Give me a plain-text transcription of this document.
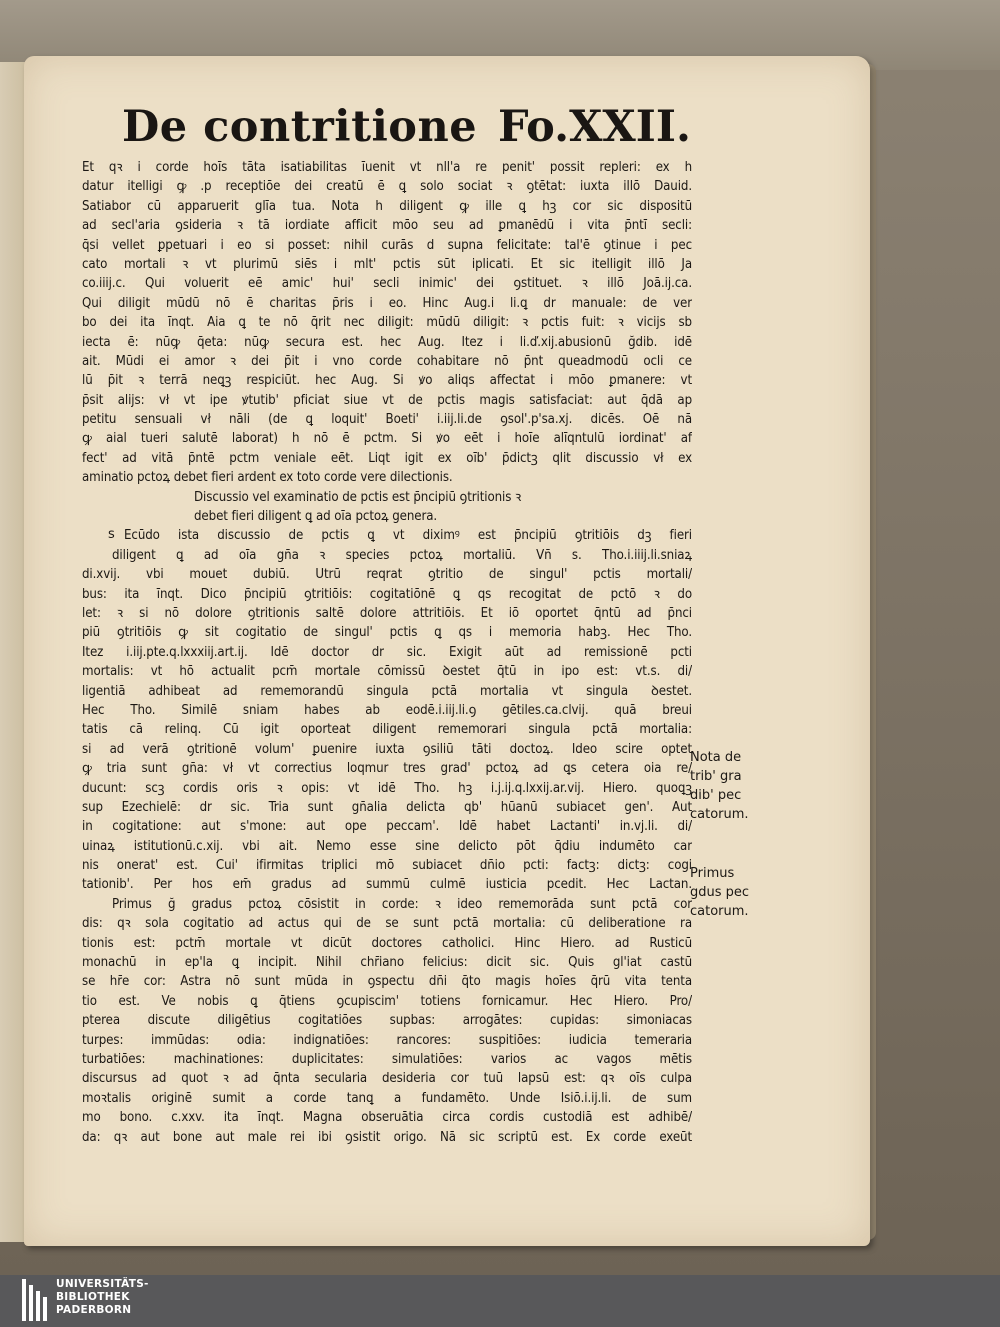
De contritione Fo.XXII.
Et qꝛ i corde hoīs tāta isatiabilitas īuenit vt nll'a re penit' possit repleri: ex h
datur itelligi ꝙ .p receptiōe dei creatū ē ꝗ solo sociat ꝛ ꝯtētat: iuxta illō Dauid.
Satiabor cū apparuerit glīa tua. Nota h diligent ꝙ ille ꝗ hꝫ cor sic dispositū
ad secl'aria ꝯsideria ꝛ tā iordiate afficit mōo seu ad ꝑmanēdū i vita p̄ntī secli:
q̄si vellet ꝑpetuari i eo si posset: nihil curās d supna felicitate: tal'ē ꝯtinue i pec
cato mortali ꝛ vt plurimū siēs i mlt' pctis sūt iplicati. Et sic itelligit illō Ja
co.iiij.c. Qui voluerit eē amic' hui' secli inimic' dei ꝯstituet. ꝛ illō Joā.ij.ca.
Qui diligit mūdū nō ē charitas p̄ris i eo. Hinc Aug.i li.ꝗ dr manuale: de ver
bo dei ita īnqt. Aia ꝗ te nō q̄rit nec diligit: mūdū diligit: ꝛ pctis fuit: ꝛ vicijs sb
iecta ē: nūꝙ q̄eta: nūꝙ secura est. hec Aug. Itez i li.ď.xij.abusionū ğdib. idē
ait. Mūdi ei amor ꝛ dei p̄it i vno corde cohabitare nō p̄nt queadmodū ocli ce
lū p̄it ꝛ terrā neꝗꝫ respiciūt. hec Aug. Si ꝟo aliqs affectat i mōo ꝑmanere: vt
p̄sit alijs: vł vt ipe ꝟtutib' pficiat siue vt de pctis magis satisfaciat: aut q̄dā ap
petitu sensuali vł nāli (de ꝗ loquit' Boeti' i.iij.li.de ꝯsol'.p'sa.xj. dicēs. Oē nā
ꝙ aial tueri salutē laborat) h nō ē pctm. Si ꝟo eēt i hoīe alīqntulū iordinat' af
fect' ad vitā p̄ntē pctm veniale eēt. Liqt igit ex oīb' p̄dictꝫ qlit discussio vł ex
aminatio pctoꝝ debet fieri ardent ex toto corde vere dilectionis.
Discussio vel examinatio de pctis est p̄ncipiū ꝯtritionis ꝛ
debet fieri diligent ꝗ ad oīa pctoꝝ genera.
Ecūdo ista discussio de pctis ꝗ vt diximꝰ est p̄ncipiū ꝯtritiōis dꝫ fieri
diligent ꝗ ad oīa gn̄a ꝛ species pctoꝝ mortaliū. Vn̄ s. Tho.i.iiij.li.sniaꝝ
di.xvij. vbi mouet dubiū. Utrū reqrat ꝯtritio de singul' pctis mortali/
bus: ita īnqt. Dico p̄ncipiū ꝯtritiōis: cogitatiōnē ꝗ qs recogitat de pctō ꝛ do
let: ꝛ si nō dolore ꝯtritionis saltē dolore attritiōis. Et iō oportet q̄ntū ad p̄nci
piū ꝯtritiōis ꝙ sit cogitatio de singul' pctis ꝗ qs i memoria habꝫ. Hec Tho.
Itez i.iij.pte.q.lxxxiij.art.ij. Idē doctor dr sic. Exigit aūt ad remissionē pcti
mortalis: vt hō actualit pcm̄ mortale cōmissū ꝺestet q̄tū in ipo est: vt.s. di/
ligentiā adhibeat ad rememorandū singula pctā mortalia vt singula ꝺestet.
Hec Tho. Similē sniam habes ab eodē.i.iij.li.ꝯ gētiles.ca.clvij. quā breui
tatis cā relinq. Cū igit oporteat diligent rememorari singula pctā mortalia:
si ad verā ꝯtritionē volum' ꝑuenire iuxta ꝯsiliū tāti doctoꝝ. Ideo scire optet
ꝙ tria sunt gn̄a: vł vt correctius loqmur tres grad' pctoꝝ ad ꝗs cetera oia re/
ducunt: scꝫ cordis oris ꝛ opis: vt idē Tho. hꝫ i.j.ij.q.lxxij.ar.vij. Hiero. quoꝗꝫ
sup Ezechielē: dr sic. Tria sunt gn̄alia delicta qb' hūanū subiacet gen'. Aut
in cogitatione: aut s'mone: aut ope peccam'. Idē habet Lactanti' in.vj.li. di/
uinaꝝ istitutionū.c.xij. vbi ait. Nemo esse sine delicto pōt q̄diu indumēto car
nis onerat' est. Cui' ifirmitas triplici mō subiacet dn̄io pcti: factꝫ: dictꝫ: cogi
tationib'. Per hos em̄ gradus ad summū culmē iusticia pcedit. Hec Lactan.
Primus ğ gradus pctoꝝ cōsistit in corde: ꝛ ideo rememorāda sunt pctā cor
dis: qꝛ sola cogitatio ad actus qui de se sunt pctā mortalia: cū deliberatione ra
tionis est: pctm̄ mortale vt dicūt doctores catholici. Hinc Hiero. ad Rusticū
monachū in ep'la ꝗ incipit. Nihil chr̄iano felicius: dicit sic. Quis gl'iat castū
se hr̄e cor: Astra nō sunt mūda in ꝯspectu dn̄i q̄to magis hoīes q̄rū vita tenta
tio est. Ve nobis ꝗ q̄tiens ꝯcupiscim' totiens fornicamur. Hec Hiero. Pro/
pterea discute diligētius cogitatiōes supbas: arrogātes: cupidas: simoniacas
turpes: immūdas: odia: indignatiōes: rancores: suspitiōes: iudicia temeraria
turbatiōes: machinationes: duplicitates: simulatiōes: varios ac vagos mētis
discursus ad quot ꝛ ad q̄nta secularia desideria cor tuū lapsū est: qꝛ oīs culpa
moꝛtalis originē sumit a corde tanꝗ a fundamēto. Unde Isiō.i.ij.li. de sum
mo bono. c.xxv. ita īnqt. Magna obseruātia circa cordis custodiā est adhibē/
da: qꝛ aut bone aut male rei ibi ꝯsistit origo. Nā sic scriptū est. Ex corde exeūt
s
Nota de
trib' gra
dib' pec
catorum.
Primus
gdus pec
catorum.
UNIVERSITÄTS-
BIBLIOTHEK
PADERBORN
